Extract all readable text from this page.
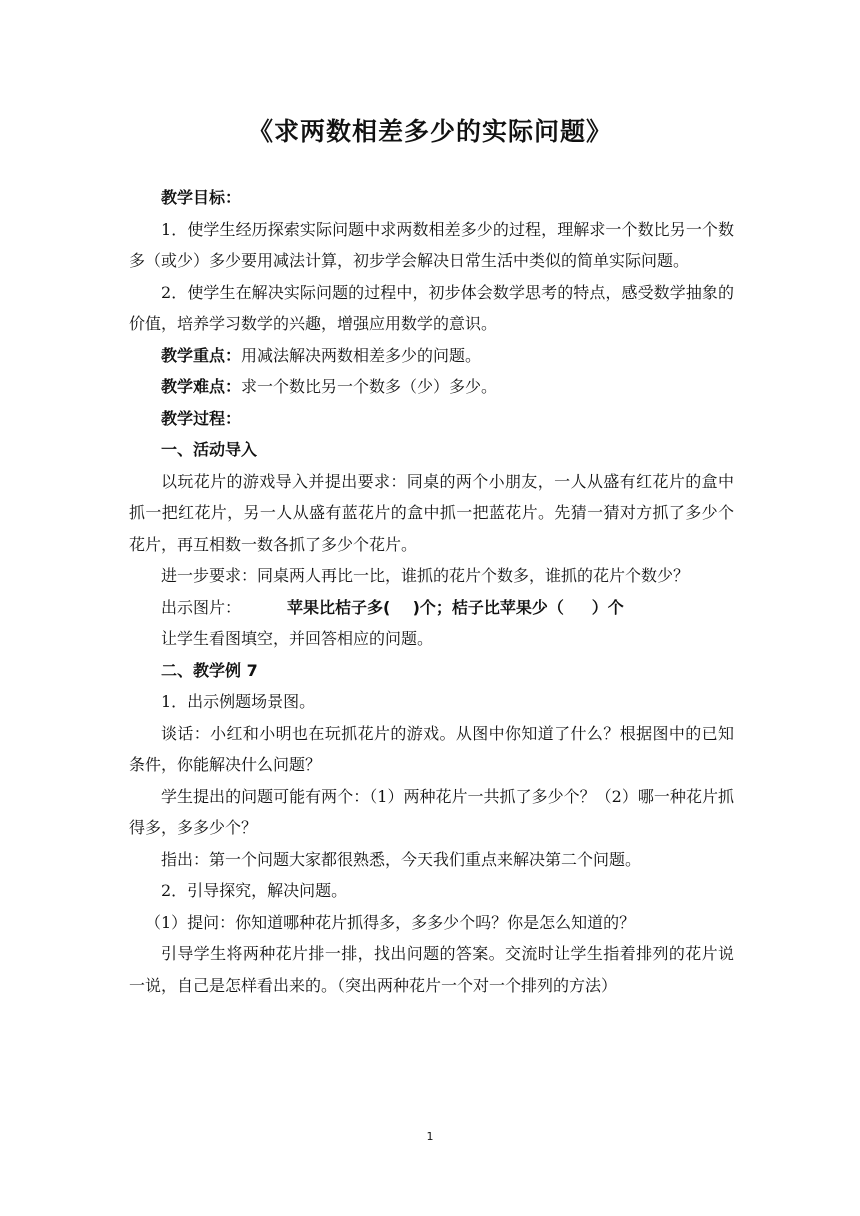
《求两数相差多少的实际问题》

教学目标：

1．使学生经历探索实际问题中求两数相差多少的过程，理解求一个数比另一个数多（或少）多少要用减法计算，初步学会解决日常生活中类似的简单实际问题。

2．使学生在解决实际问题的过程中，初步体会数学思考的特点，感受数学抽象的价值，培养学习数学的兴趣，增强应用数学的意识。

教学重点：用减法解决两数相差多少的问题。

教学难点：求一个数比另一个数多（少）多少。

教学过程：

一、活动导入

以玩花片的游戏导入并提出要求：同桌的两个小朋友，一人从盛有红花片的盒中抓一把红花片，另一人从盛有蓝花片的盒中抓一把蓝花片。先猜一猜对方抓了多少个花片，再互相数一数各抓了多少个花片。

进一步要求：同桌两人再比一比，谁抓的花片个数多，谁抓的花片个数少？

出示图片：	苹果比桔子多(    )个；桔子比苹果少（     ）个

让学生看图填空，并回答相应的问题。

二、教学例 7

1．出示例题场景图。

谈话：小红和小明也在玩抓花片的游戏。从图中你知道了什么？根据图中的已知条件，你能解决什么问题？

学生提出的问题可能有两个：（1）两种花片一共抓了多少个？（2）哪一种花片抓得多，多多少个？

指出：第一个问题大家都很熟悉，今天我们重点来解决第二个问题。

2．引导探究，解决问题。

（1）提问：你知道哪种花片抓得多，多多少个吗？你是怎么知道的？

引导学生将两种花片排一排，找出问题的答案。交流时让学生指着排列的花片说一说，自己是怎样看出来的。（突出两种花片一个对一个排列的方法）

1
